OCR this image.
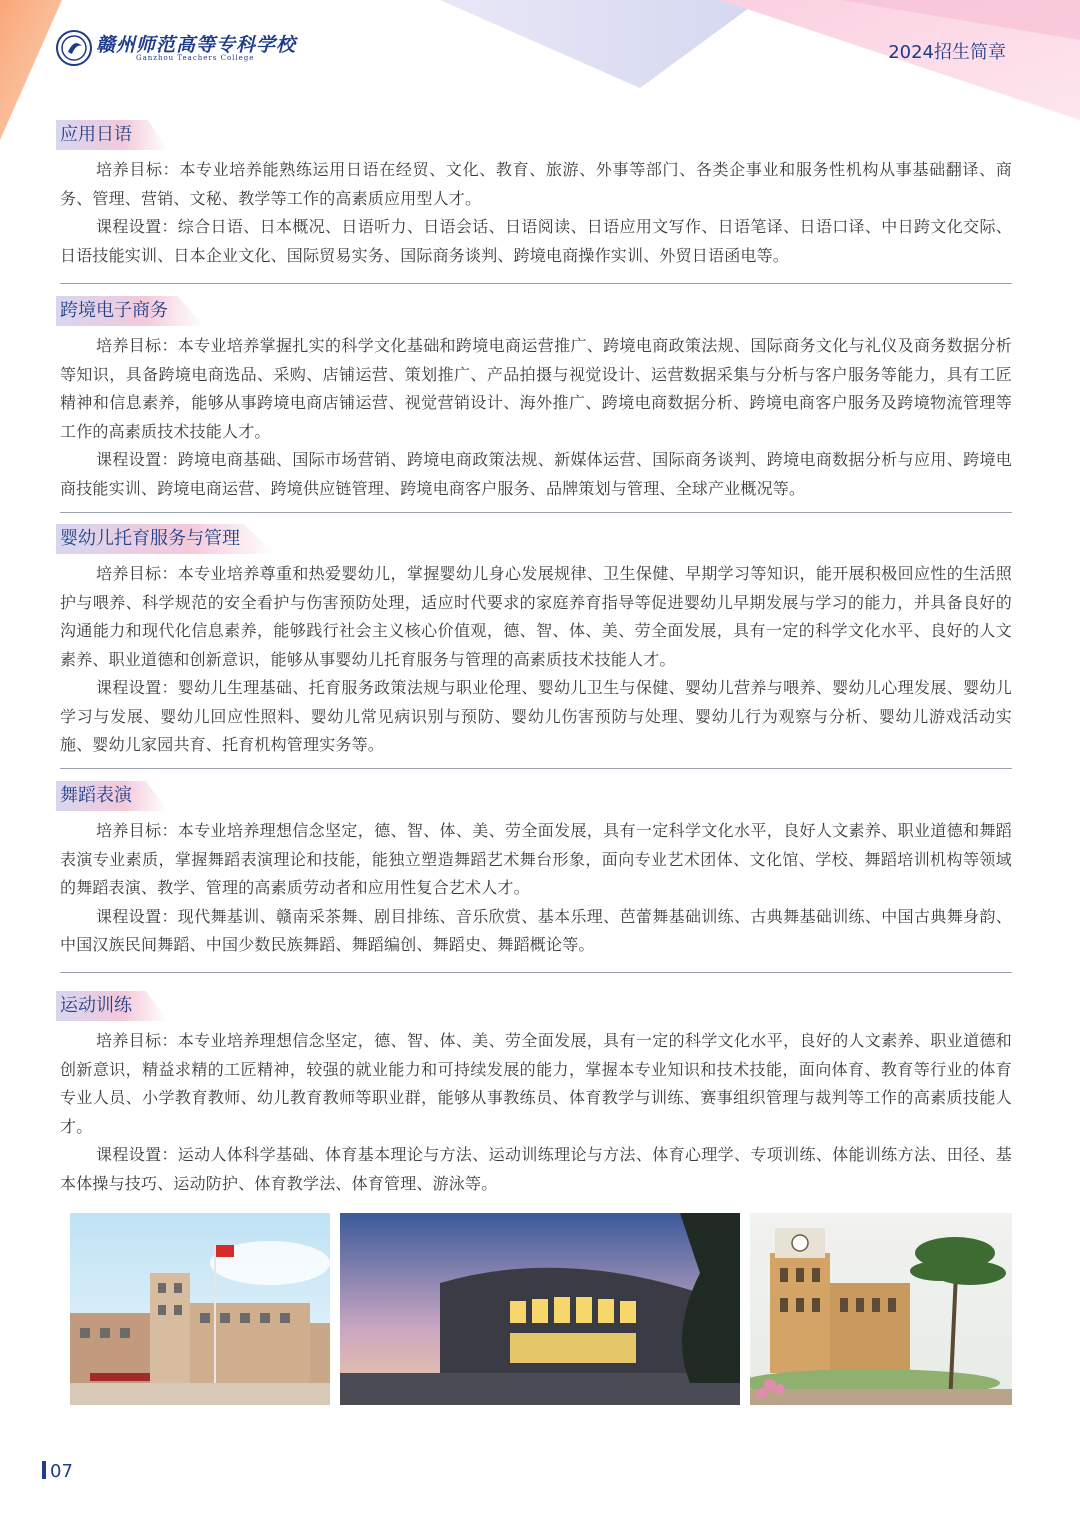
赣州师范高等专科学校
Ganzhou Teachers College	2024招生简章
应用日语

培养目标：本专业培养能熟练运用日语在经贸、文化、教育、旅游、外事等部门、各类企事业和服务性机构从事基础翻译、商务、管理、营销、文秘、教学等工作的高素质应用型人才。

课程设置：综合日语、日本概况、日语听力、日语会话、日语阅读、日语应用文写作、日语笔译、日语口译、中日跨文化交际、日语技能实训、日本企业文化、国际贸易实务、国际商务谈判、跨境电商操作实训、外贸日语函电等。

跨境电子商务

培养目标：本专业培养掌握扎实的科学文化基础和跨境电商运营推广、跨境电商政策法规、国际商务文化与礼仪及商务数据分析等知识，具备跨境电商选品、采购、店铺运营、策划推广、产品拍摄与视觉设计、运营数据采集与分析与客户服务等能力，具有工匠精神和信息素养，能够从事跨境电商店铺运营、视觉营销设计、海外推广、跨境电商数据分析、跨境电商客户服务及跨境物流管理等工作的高素质技术技能人才。

课程设置：跨境电商基础、国际市场营销、跨境电商政策法规、新媒体运营、国际商务谈判、跨境电商数据分析与应用、跨境电商技能实训、跨境电商运营、跨境供应链管理、跨境电商客户服务、品牌策划与管理、全球产业概况等。

婴幼儿托育服务与管理

培养目标：本专业培养尊重和热爱婴幼儿，掌握婴幼儿身心发展规律、卫生保健、早期学习等知识，能开展积极回应性的生活照护与喂养、科学规范的安全看护与伤害预防处理，适应时代要求的家庭养育指导等促进婴幼儿早期发展与学习的能力，并具备良好的沟通能力和现代化信息素养，能够践行社会主义核心价值观，德、智、体、美、劳全面发展，具有一定的科学文化水平、良好的人文素养、职业道德和创新意识，能够从事婴幼儿托育服务与管理的高素质技术技能人才。

课程设置：婴幼儿生理基础、托育服务政策法规与职业伦理、婴幼儿卫生与保健、婴幼儿营养与喂养、婴幼儿心理发展、婴幼儿学习与发展、婴幼儿回应性照料、婴幼儿常见病识别与预防、婴幼儿伤害预防与处理、婴幼儿行为观察与分析、婴幼儿游戏活动实施、婴幼儿家园共育、托育机构管理实务等。

舞蹈表演

培养目标：本专业培养理想信念坚定，德、智、体、美、劳全面发展，具有一定科学文化水平，良好人文素养、职业道德和舞蹈表演专业素质，掌握舞蹈表演理论和技能，能独立塑造舞蹈艺术舞台形象，面向专业艺术团体、文化馆、学校、舞蹈培训机构等领域的舞蹈表演、教学、管理的高素质劳动者和应用性复合艺术人才。

课程设置：现代舞基训、赣南采茶舞、剧目排练、音乐欣赏、基本乐理、芭蕾舞基础训练、古典舞基础训练、中国古典舞身韵、中国汉族民间舞蹈、中国少数民族舞蹈、舞蹈编创、舞蹈史、舞蹈概论等。

运动训练

培养目标：本专业培养理想信念坚定，德、智、体、美、劳全面发展，具有一定的科学文化水平，良好的人文素养、职业道德和创新意识，精益求精的工匠精神，较强的就业能力和可持续发展的能力，掌握本专业知识和技术技能，面向体育、教育等行业的体育专业人员、小学教育教师、幼儿教育教师等职业群，能够从事教练员、体育教学与训练、赛事组织管理与裁判等工作的高素质技能人才。

课程设置：运动人体科学基础、体育基本理论与方法、运动训练理论与方法、体育心理学、专项训练、体能训练方法、田径、基本体操与技巧、运动防护、体育教学法、体育管理、游泳等。

07
